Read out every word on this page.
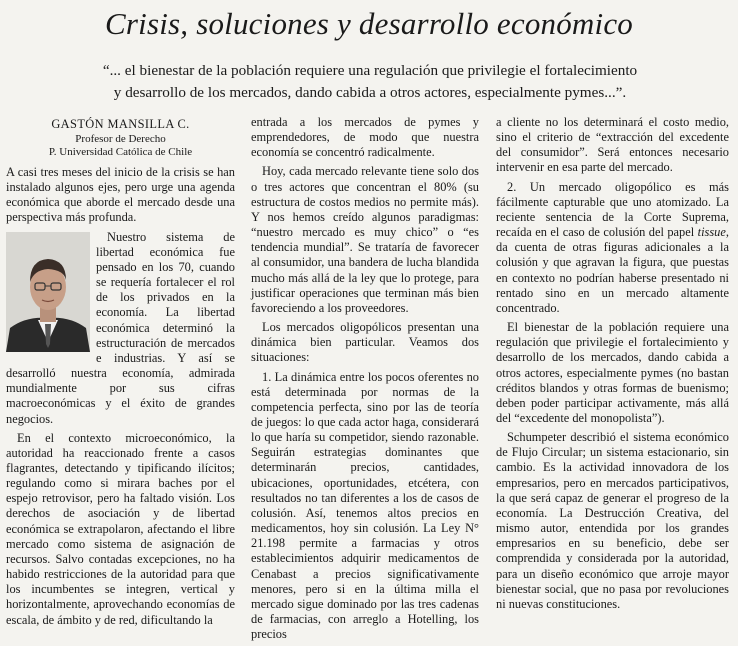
Crisis, soluciones y desarrollo económico
“... el bienestar de la población requiere una regulación que privilegie el fortalecimiento
y desarrollo de los mercados, dando cabida a otros actores, especialmente pymes...”.
GASTÓN MANSILLA C.
Profesor de Derecho
P. Universidad Católica de Chile

A casi tres meses del inicio de la crisis se han instalado algunos ejes, pero urge una agenda económica que aborde el mercado desde una perspectiva más profunda.

Nuestro sistema de libertad económica fue pensado en los 70, cuando se requería fortalecer el rol de los privados en la economía. La libertad económica determinó la estructuración de mercados e industrias. Y así se desarrolló nuestra economía, admirada mundialmente por sus cifras macroeconómicas y el éxito de grandes negocios.

En el contexto microeconómico, la autoridad ha reaccionado frente a casos flagrantes, detectando y tipificando ilícitos; regulando como si mirara baches por el espejo retrovisor, pero ha faltado visión. Los derechos de asociación y de libertad económica se extrapolaron, afectando el libre mercado como sistema de asignación de recursos. Salvo contadas excepciones, no ha habido restricciones de la autoridad para que los incumbentes se integren, vertical y horizontalmente, aprovechando economías de escala, de ámbito y de red, dificultando la

entrada a los mercados de pymes y emprendedores, de modo que nuestra economía se concentró radicalmente.

Hoy, cada mercado relevante tiene solo dos o tres actores que concentran el 80% (su estructura de costos medios no permite más). Y nos hemos creído algunos paradigmas: “nuestro mercado es muy chico” o “es tendencia mundial”. Se trataría de favorecer al consumidor, una bandera de lucha blandida mucho más allá de la ley que lo protege, para justificar operaciones que terminan más bien favoreciendo a los proveedores.

Los mercados oligopólicos presentan una dinámica bien particular. Veamos dos situaciones:

1. La dinámica entre los pocos oferentes no está determinada por normas de la competencia perfecta, sino por las de teoría de juegos: lo que cada actor haga, considerará lo que haría su competidor, siendo razonable. Seguirán estrategias dominantes que determinarán precios, cantidades, ubicaciones, oportunidades, etcétera, con resultados no tan diferentes a los de casos de colusión. Así, tenemos altos precios en medicamentos, hoy sin colusión. La Ley N° 21.198 permite a farmacias y otros establecimientos adquirir medicamentos de Cenabast a precios significativamente menores, pero si en la última milla el mercado sigue dominado por las tres cadenas de farmacias, con arreglo a Hotelling, los precios

a cliente no los determinará el costo medio, sino el criterio de “extracción del excedente del consumidor”. Será entonces necesario intervenir en esa parte del mercado.

2. Un mercado oligopólico es más fácilmente capturable que uno atomizado. La reciente sentencia de la Corte Suprema, recaída en el caso de colusión del papel tissue, da cuenta de otras figuras adicionales a la colusión y que agravan la figura, que puestas en contexto no podrían haberse presentado ni rentado sino en un mercado altamente concentrado.

El bienestar de la población requiere una regulación que privilegie el fortalecimiento y desarrollo de los mercados, dando cabida a otros actores, especialmente pymes (no bastan créditos blandos y otras formas de buenismo; deben poder participar activamente, más allá del “excedente del monopolista”).

Schumpeter describió el sistema económico de Flujo Circular; un sistema estacionario, sin cambio. Es la actividad innovadora de los empresarios, pero en mercados participativos, la que será capaz de generar el progreso de la economía. La Destrucción Creativa, del mismo autor, entendida por los grandes empresarios en su beneficio, debe ser comprendida y considerada por la autoridad, para un diseño económico que arroje mayor bienestar social, que no pasa por revoluciones ni nuevas constituciones.
